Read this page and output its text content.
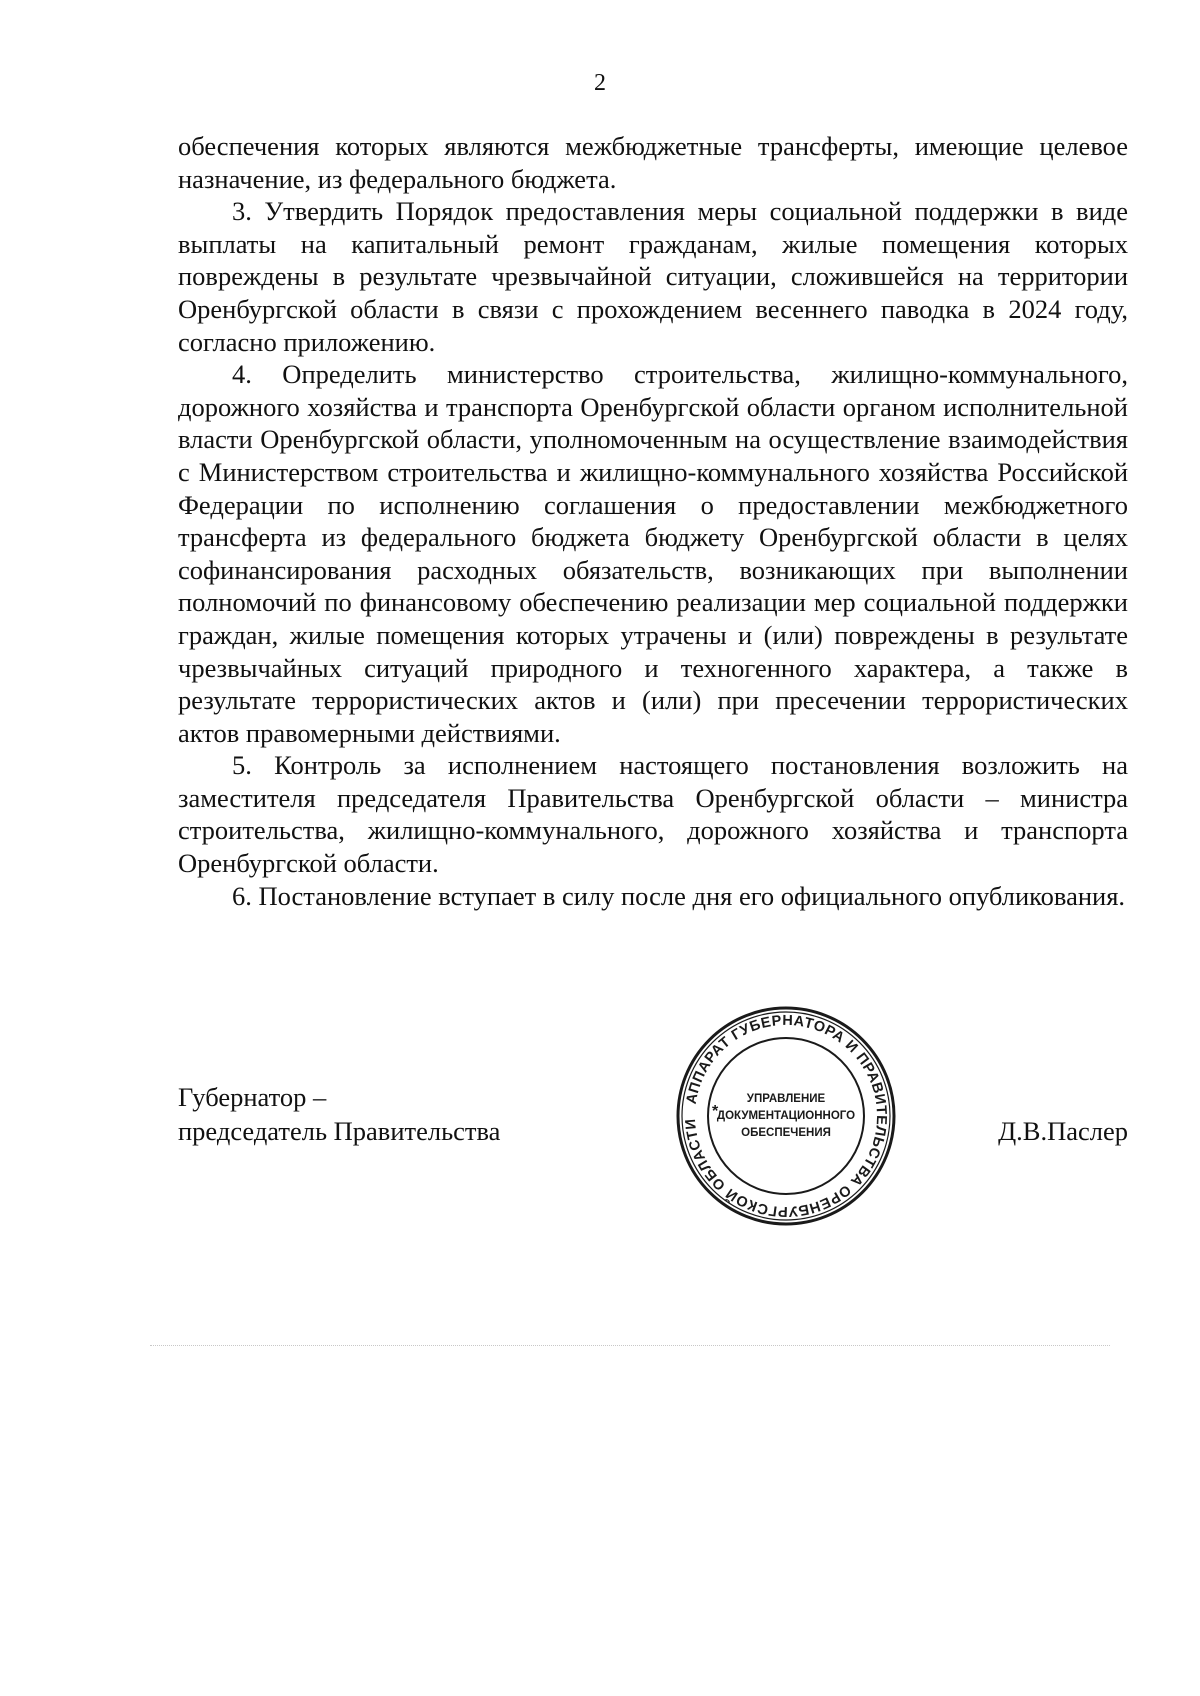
2

обеспечения которых являются межбюджетные трансферты, имеющие целевое назначение, из федерального бюджета.

3. Утвердить Порядок предоставления меры социальной поддержки в виде выплаты на капитальный ремонт гражданам, жилые помещения которых повреждены в результате чрезвычайной ситуации, сложившейся на территории Оренбургской области в связи с прохождением весеннего паводка в 2024 году, согласно приложению.

4. Определить министерство строительства, жилищно-коммунального, дорожного хозяйства и транспорта Оренбургской области органом исполнительной власти Оренбургской области, уполномоченным на осуществление взаимодействия с Министерством строительства и жилищно-коммунального хозяйства Российской Федерации по исполнению соглашения о предоставлении межбюджетного трансферта из федерального бюджета бюджету Оренбургской области в целях софинансирования расходных обязательств, возникающих при выполнении полномочий по финансовому обеспечению реализации мер социальной поддержки граждан, жилые помещения которых утрачены и (или) повреждены в результате чрезвычайных ситуаций природного и техногенного характера, а также в результате террористических актов и (или) при пресечении террористических актов правомерными действиями.

5. Контроль за исполнением настоящего постановления возложить на заместителя председателя Правительства Оренбургской области – министра строительства, жилищно-коммунального, дорожного хозяйства и транспорта Оренбургской области.

6. Постановление вступает в силу после дня его официального опубликования.

Губернатор –
председатель Правительства
АППАРАТ ГУБЕРНАТОРА И ПРАВИТЕЛЬСТВА ОРЕНБУРГСКОЙ ОБЛАСТИ
*
УПРАВЛЕНИЕ
ДОКУМЕНТАЦИОННОГО
ОБЕСПЕЧЕНИЯ	Д.В.Паслер
